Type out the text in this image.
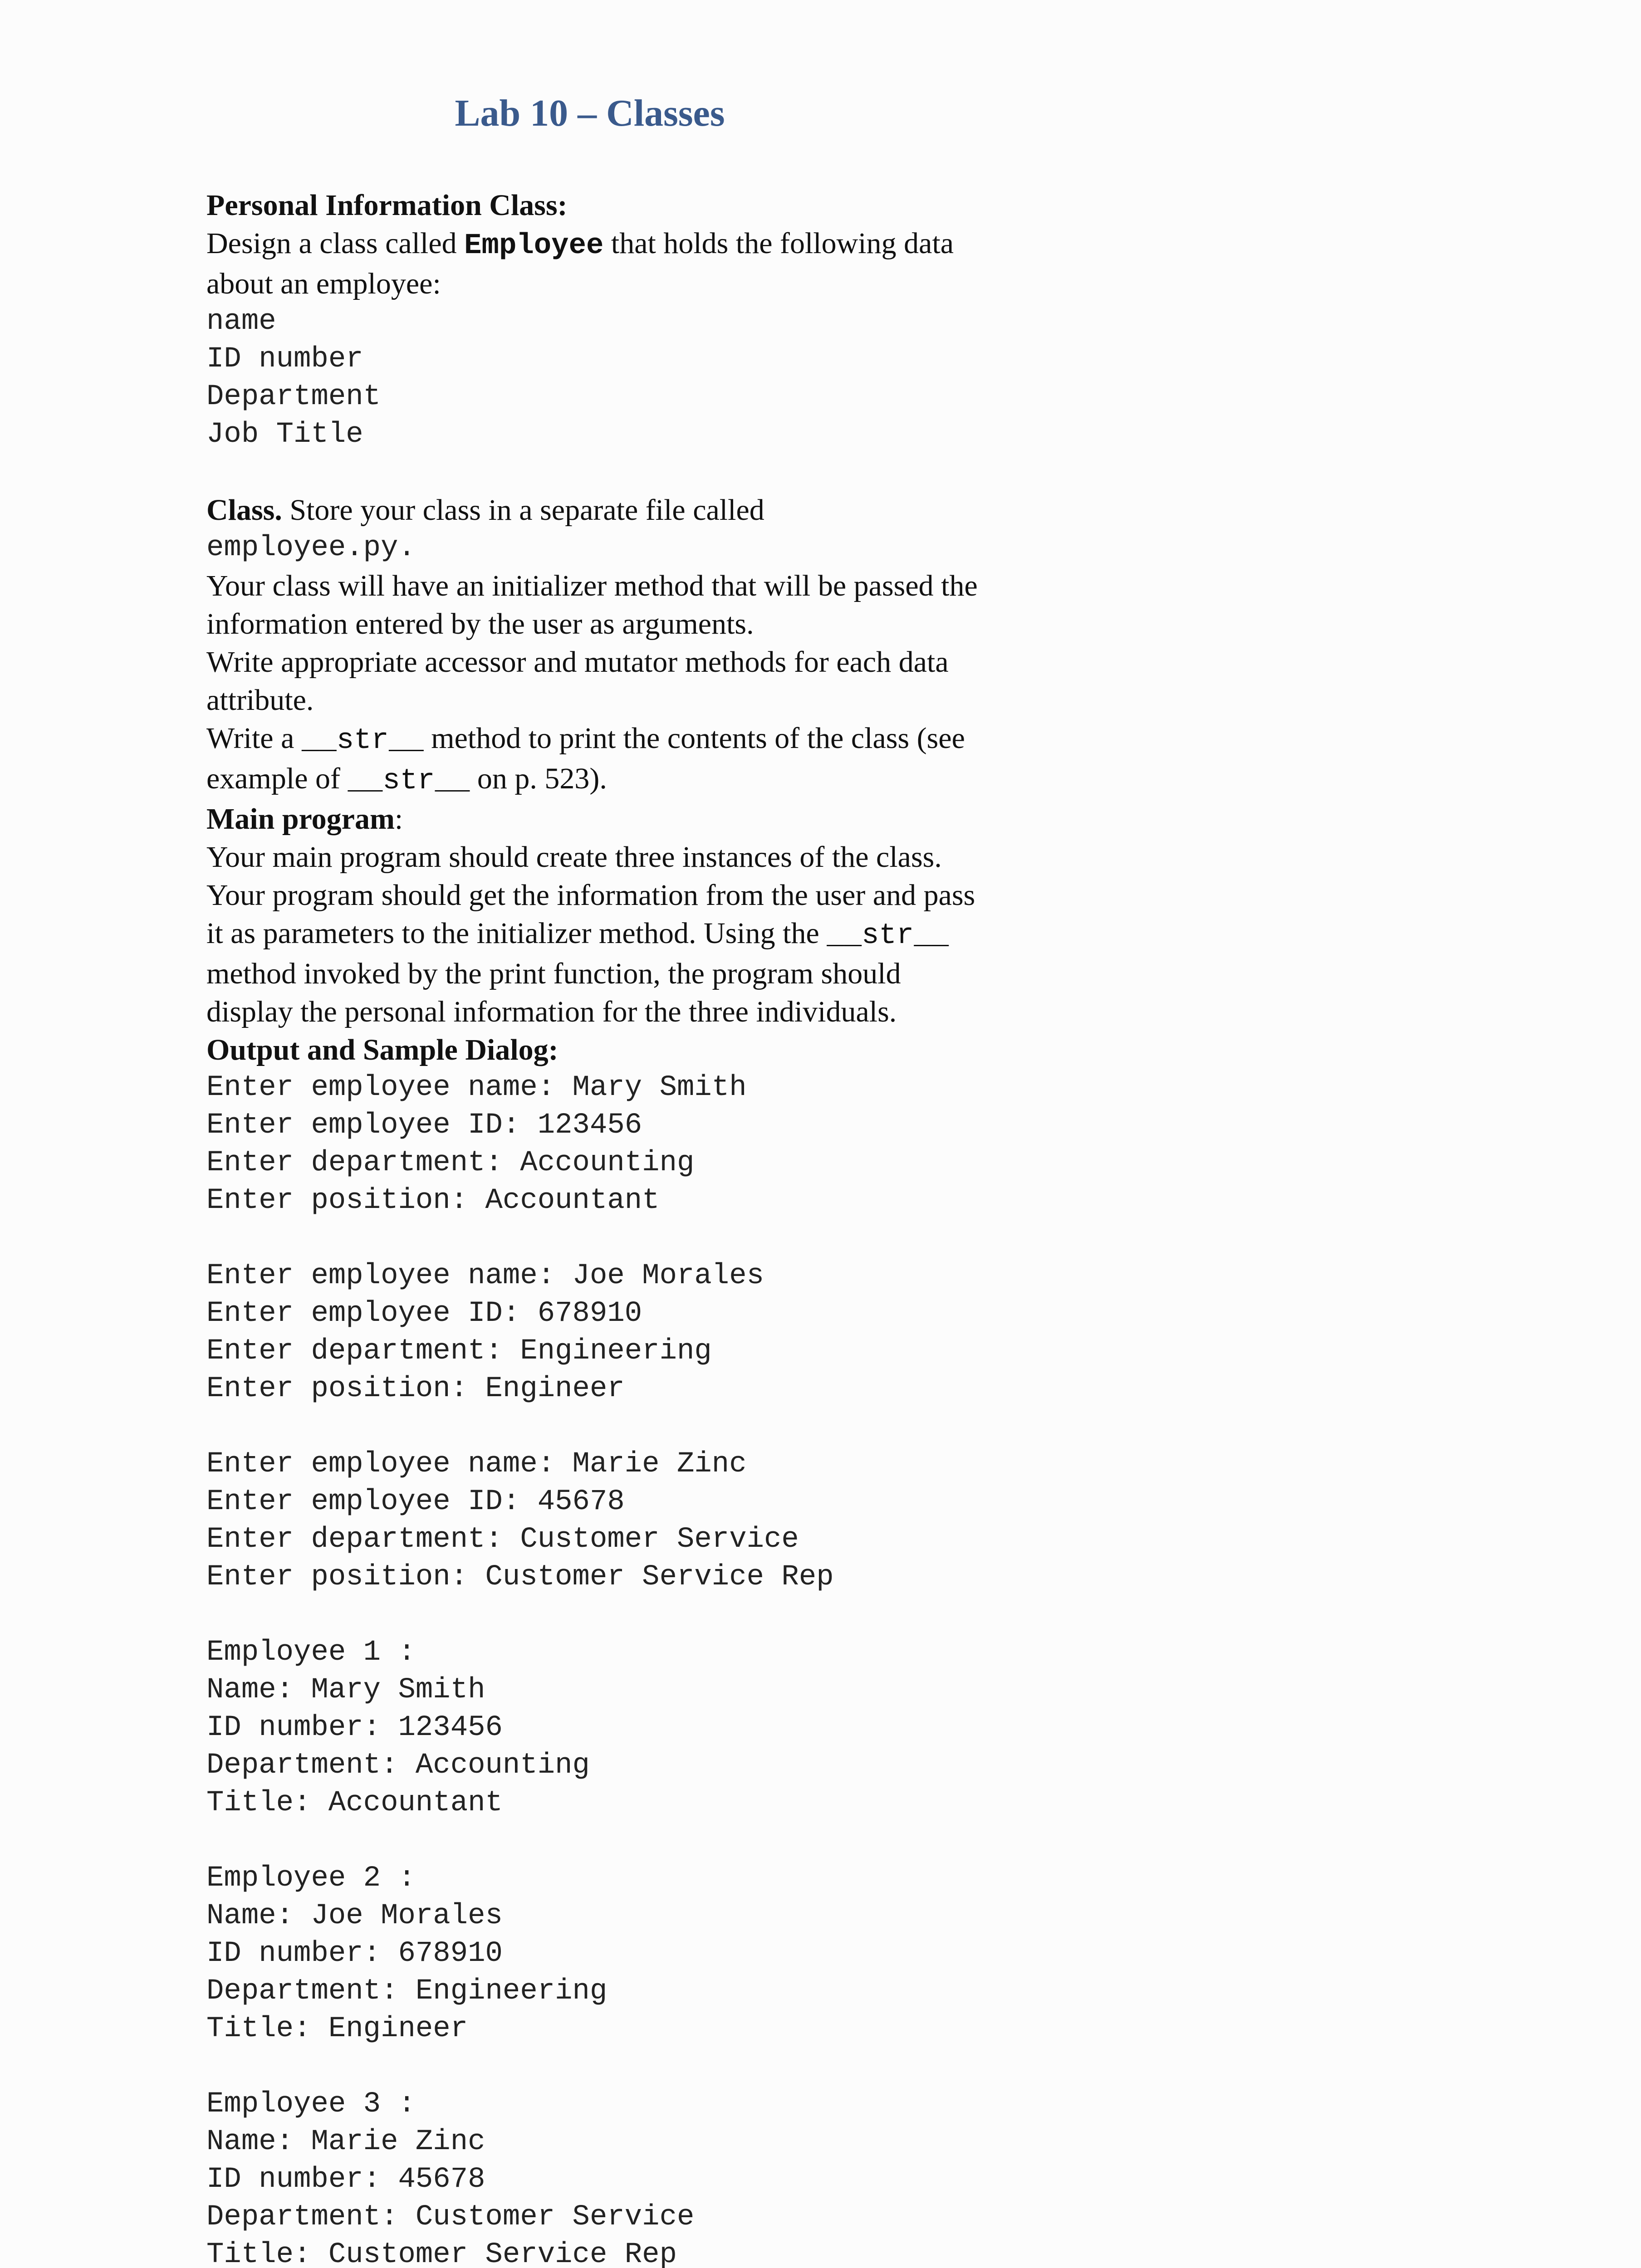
Lab 10 – Classes

Personal Information Class:

Design a class called Employee that holds the following data

about an employee:

name

ID number

Department

Job Title

Class. Store your class in a separate file called

employee.py.

Your class will have an initializer method that will be passed the

information entered by the user as arguments.

Write appropriate accessor and mutator methods for each data

attribute.

Write a __str__ method to print the contents of the class (see

example of __str__ on p. 523).

Main program:

Your main program should create three instances of the class.

Your program should get the information from the user and pass

it as parameters to the initializer method. Using the __str__

method invoked by the print function, the program should

display the personal information for the three individuals.

Output and Sample Dialog:

Enter employee name: Mary Smith

Enter employee ID: 123456

Enter department: Accounting

Enter position: Accountant

Enter employee name: Joe Morales

Enter employee ID: 678910

Enter department: Engineering

Enter position: Engineer

Enter employee name: Marie Zinc

Enter employee ID: 45678

Enter department: Customer Service

Enter position: Customer Service Rep

Employee 1 :

Name: Mary Smith

ID number: 123456

Department: Accounting

Title: Accountant

Employee 2 :

Name: Joe Morales

ID number: 678910

Department: Engineering

Title: Engineer

Employee 3 :

Name: Marie Zinc

ID number: 45678

Department: Customer Service

Title: Customer Service Rep
